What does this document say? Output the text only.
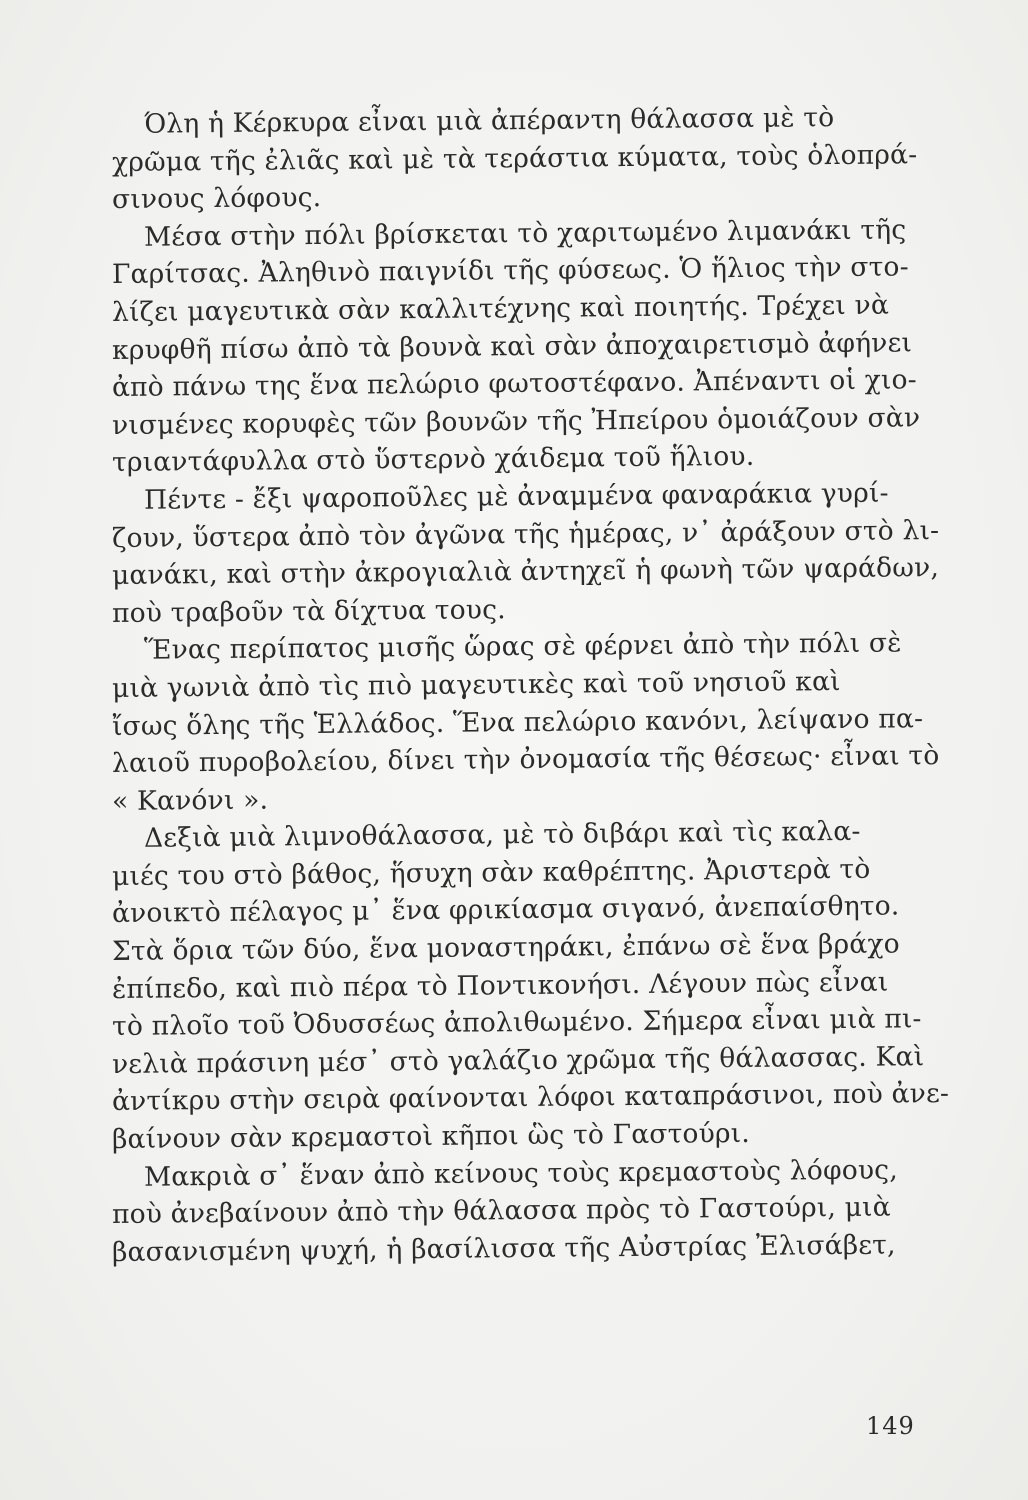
Όλη ἡ Κέρκυρα εἶναι μιὰ ἀπέραντη θάλασσα μὲ τὸ
χρῶμα τῆς ἐλιᾶς καὶ μὲ τὰ τεράστια κύματα, τοὺς ὁλοπρά-
σινους λόφους.
Μέσα στὴν πόλι βρίσκεται τὸ χαριτωμένο λιμανάκι τῆς
Γαρίτσας. Ἀληθινὸ παιγνίδι τῆς φύσεως. Ὁ ἥλιος τὴν στο-
λίζει μαγευτικὰ σὰν καλλιτέχνης καὶ ποιητής. Τρέχει νὰ
κρυφθῆ πίσω ἀπὸ τὰ βουνὰ καὶ σὰν ἀποχαιρετισμὸ ἀφήνει
ἀπὸ πάνω της ἕνα πελώριο φωτοστέφανο. Ἀπέναντι οἱ χιο-
νισμένες κορυφὲς τῶν βουνῶν τῆς Ἠπείρου ὁμοιάζουν σὰν
τριαντάφυλλα στὸ ὕστερνὸ χάιδεμα τοῦ ἥλιου.
Πέντε - ἔξι ψαροποῦλες μὲ ἀναμμένα φαναράκια γυρί-
ζουν, ὕστερα ἀπὸ τὸν ἀγῶνα τῆς ἡμέρας, ν᾽ ἀράξουν στὸ λι-
μανάκι, καὶ στὴν ἀκρογιαλιὰ ἀντηχεῖ ἡ φωνὴ τῶν ψαράδων,
ποὺ τραβοῦν τὰ δίχτυα τους.
Ἕνας περίπατος μισῆς ὥρας σὲ φέρνει ἀπὸ τὴν πόλι σὲ
μιὰ γωνιὰ ἀπὸ τὶς πιὸ μαγευτικὲς καὶ τοῦ νησιοῦ καὶ
ἴσως ὅλης τῆς Ἑλλάδος. Ἕνα πελώριο κανόνι, λείψανο πα-
λαιοῦ πυροβολείου, δίνει τὴν ὀνομασία τῆς θέσεως· εἶναι τὸ
« Κανόνι ».
Δεξιὰ μιὰ λιμνοθάλασσα, μὲ τὸ διβάρι καὶ τὶς καλα-
μιές του στὸ βάθος, ἥσυχη σὰν καθρέπτης. Ἀριστερὰ τὸ
ἀνοικτὸ πέλαγος μ᾽ ἕνα φρικίασμα σιγανό, ἀνεπαίσθητο.
Στὰ ὅρια τῶν δύο, ἕνα μοναστηράκι, ἐπάνω σὲ ἕνα βράχο
ἐπίπεδο, καὶ πιὸ πέρα τὸ Ποντικονήσι. Λέγουν πὼς εἶναι
τὸ πλοῖο τοῦ Ὀδυσσέως ἀπολιθωμένο. Σήμερα εἶναι μιὰ πι-
νελιὰ πράσινη μέσ᾽ στὸ γαλάζιο χρῶμα τῆς θάλασσας. Καὶ
ἀντίκρυ στὴν σειρὰ φαίνονται λόφοι καταπράσινοι, ποὺ ἀνε-
βαίνουν σὰν κρεμαστοὶ κῆποι ὣς τὸ Γαστούρι.
Μακριὰ σ᾽ ἕναν ἀπὸ κείνους τοὺς κρεμαστοὺς λόφους,
ποὺ ἀνεβαίνουν ἀπὸ τὴν θάλασσα πρὸς τὸ Γαστούρι, μιὰ
βασανισμένη ψυχή, ἡ βασίλισσα τῆς Αὐστρίας Ἐλισάβετ,
149
